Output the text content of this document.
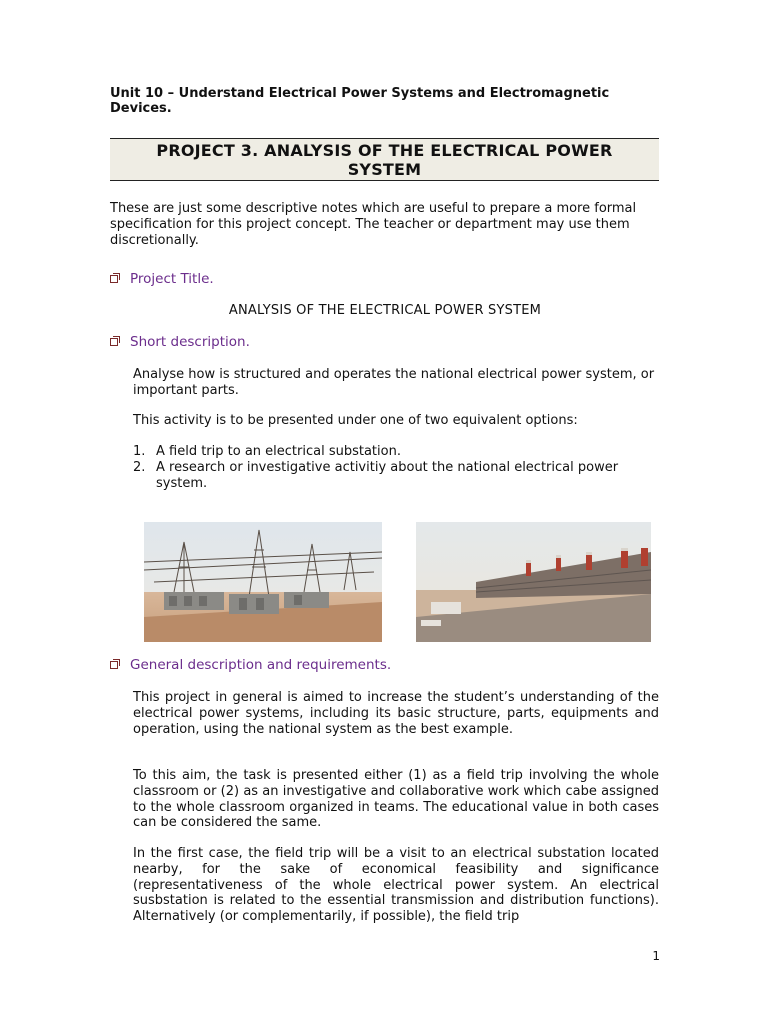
Unit 10 – Understand Electrical Power Systems and Electromagnetic Devices.
PROJECT 3. ANALYSIS OF THE ELECTRICAL POWER SYSTEM

These are just some descriptive notes which are useful to prepare a more formal specification for this project concept. The teacher or department may use them discretionally.

Project Title.
ANALYSIS OF THE ELECTRICAL POWER SYSTEM
Short description.

Analyse how is structured and operates the national electrical power system, or important parts.

This activity is to be presented under one of two equivalent options:

1. A field trip to an electrical substation.
2. A research or investigative activitiy about the national electrical power system.
General description and requirements.

This project in general is aimed to increase the student’s understanding of the electrical power systems, including its basic structure, parts, equipments and operation, using the national system as the best example.

To this aim, the task is presented either (1) as a field trip involving the whole classroom or (2) as an investigative and collaborative work which cabe assigned to the whole classroom organized in teams. The educational value in both cases can be considered the same.

In the first case, the field trip will be a visit to an electrical substation located nearby, for the sake of economical feasibility and significance (representativeness of the whole electrical power system. An electrical susbstation is related to the essential transmission and distribution functions). Alternatively (or complementarily, if possible), the field trip

1
